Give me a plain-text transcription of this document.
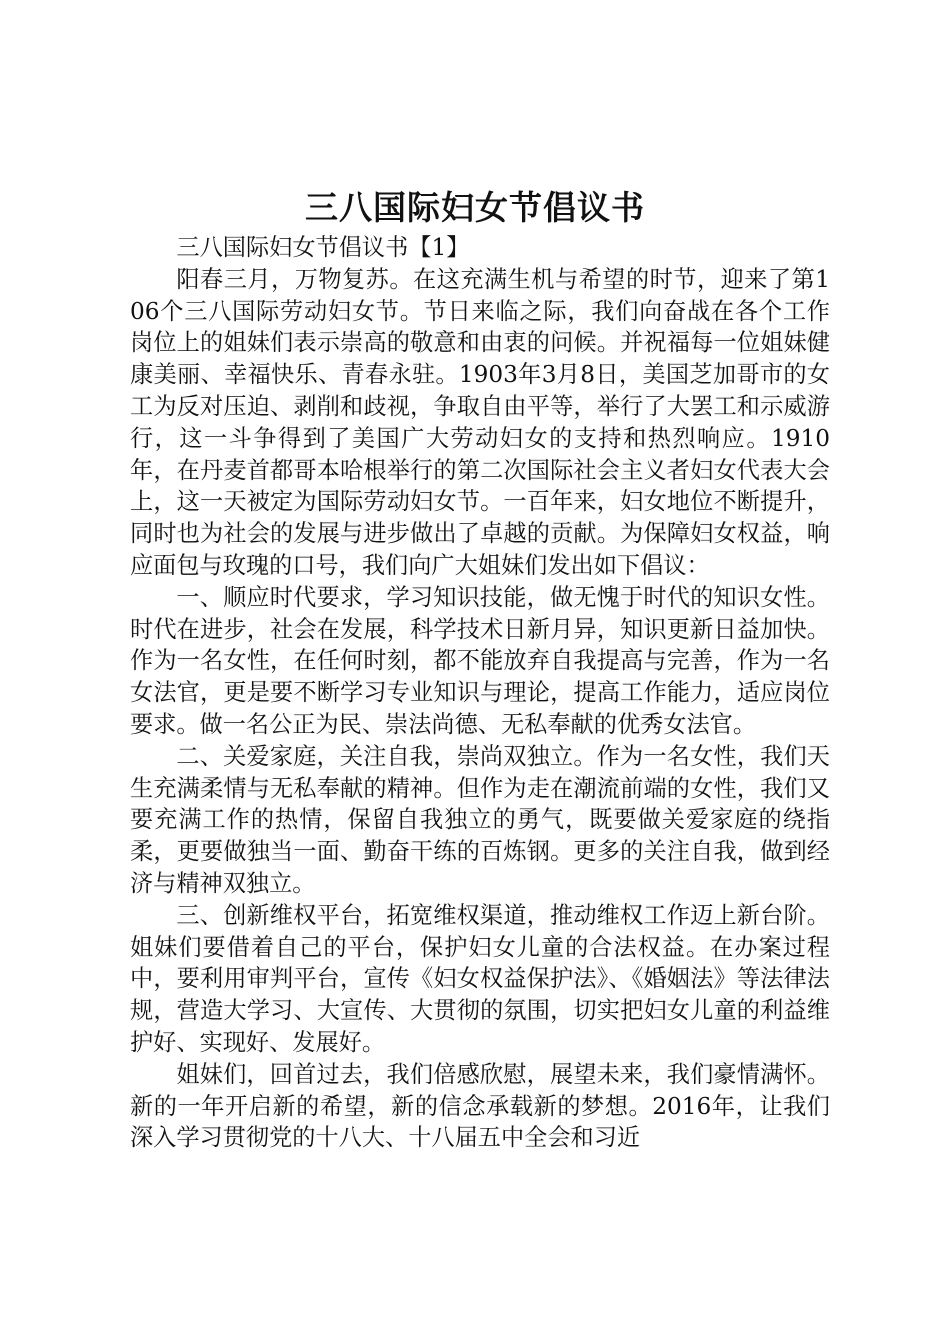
三八国际妇女节倡议书

三八国际妇女节倡议书【1】

阳春三月，万物复苏。在这充满生机与希望的时节，迎来了第106个三八国际劳动妇女节。节日来临之际，我们向奋战在各个工作岗位上的姐妹们表示崇高的敬意和由衷的问候。并祝福每一位姐妹健康美丽、幸福快乐、青春永驻。1903年3月8日，美国芝加哥市的女工为反对压迫、剥削和歧视，争取自由平等，举行了大罢工和示威游行，这一斗争得到了美国广大劳动妇女的支持和热烈响应。1910年，在丹麦首都哥本哈根举行的第二次国际社会主义者妇女代表大会上，这一天被定为国际劳动妇女节。一百年来，妇女地位不断提升，同时也为社会的发展与进步做出了卓越的贡献。为保障妇女权益，响应面包与玫瑰的口号，我们向广大姐妹们发出如下倡议：

一、顺应时代要求，学习知识技能，做无愧于时代的知识女性。时代在进步，社会在发展，科学技术日新月异，知识更新日益加快。作为一名女性，在任何时刻，都不能放弃自我提高与完善，作为一名女法官，更是要不断学习专业知识与理论，提高工作能力，适应岗位要求。做一名公正为民、崇法尚德、无私奉献的优秀女法官。

二、关爱家庭，关注自我，崇尚双独立。作为一名女性，我们天生充满柔情与无私奉献的精神。但作为走在潮流前端的女性，我们又要充满工作的热情，保留自我独立的勇气，既要做关爱家庭的绕指柔，更要做独当一面、勤奋干练的百炼钢。更多的关注自我，做到经济与精神双独立。

三、创新维权平台，拓宽维权渠道，推动维权工作迈上新台阶。姐妹们要借着自己的平台，保护妇女儿童的合法权益。在办案过程中，要利用审判平台，宣传《妇女权益保护法》、《婚姻法》等法律法规，营造大学习、大宣传、大贯彻的氛围，切实把妇女儿童的利益维护好、实现好、发展好。

姐妹们，回首过去，我们倍感欣慰，展望未来，我们豪情满怀。新的一年开启新的希望，新的信念承载新的梦想。2016年，让我们深入学习贯彻党的十八大、十八届五中全会和习近
